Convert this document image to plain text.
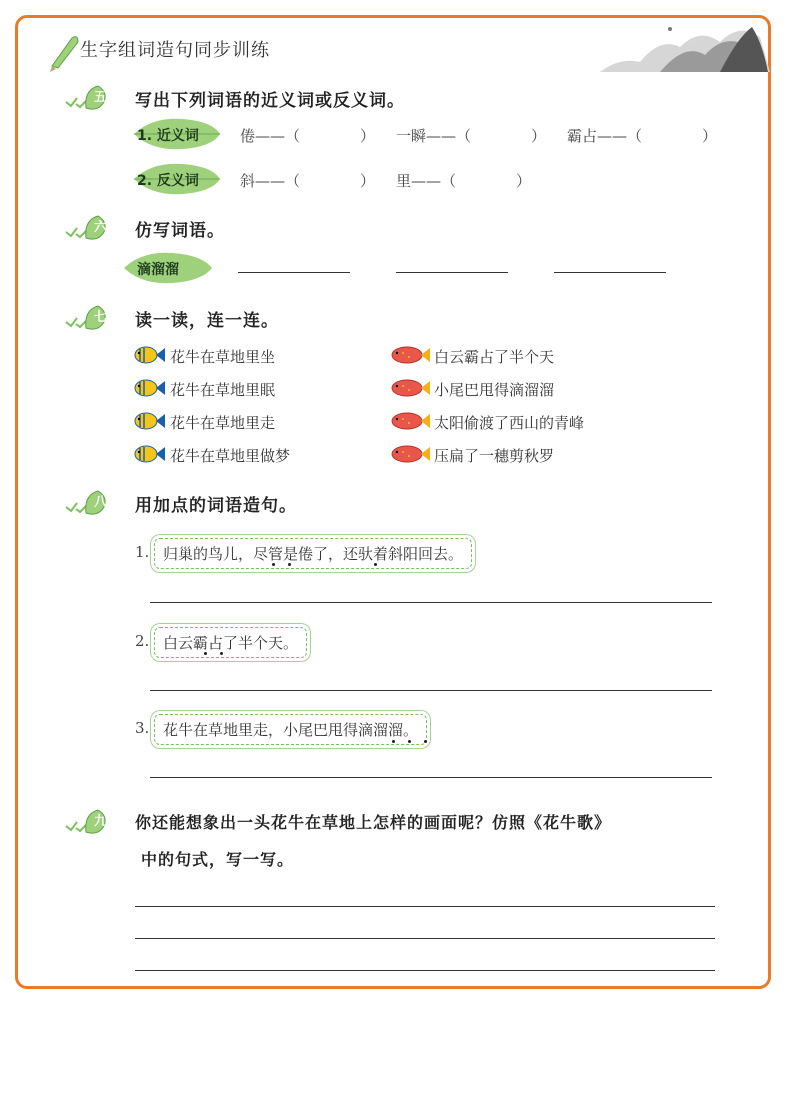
生字组词造句同步训练
五 写出下列词语的近义词或反义词。
1. 近义词	倦——（　　　　） 一瞬——（　　　　） 霸占——（　　　　）
2. 反义词	斜——（　　　　） 里——（　　　　）
六 仿写词语。
滴溜溜
七 读一读，连一连。
花牛在草地里坐
花牛在草地里眠
花牛在草地里走
花牛在草地里做梦
白云霸占了半个天
小尾巴甩得滴溜溜
太阳偷渡了西山的青峰
压扁了一穗剪秋罗
八 用加点的词语造句。
1. 归巢的鸟儿，尽管是倦了，还驮着斜阳回去。
2. 白云霸占了半个天。
3. 花牛在草地里走，小尾巴甩得滴溜溜。
九 你还能想象出一头花牛在草地上怎样的画面呢？仿照《花牛歌》
中的句式，写一写。
